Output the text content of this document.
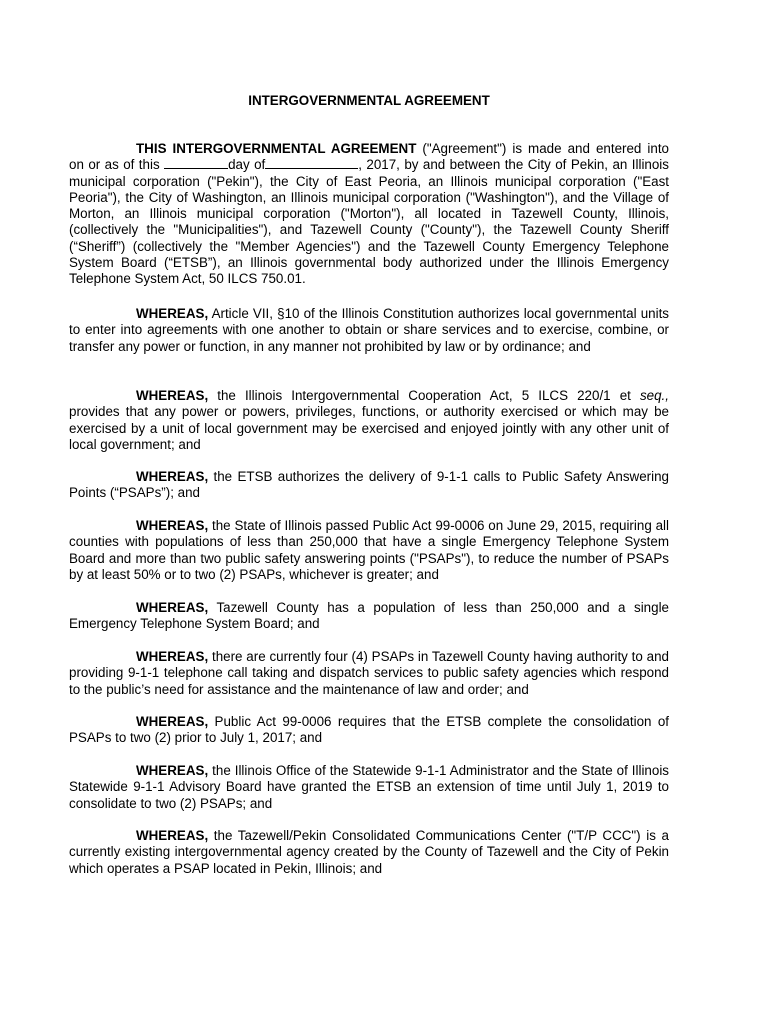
INTERGOVERNMENTAL AGREEMENT

THIS INTERGOVERNMENTAL AGREEMENT ("Agreement") is made and entered into on or as of this	day of	, 2017, by and between the City of Pekin, an Illinois municipal corporation ("Pekin"), the City of East Peoria, an Illinois municipal corporation ("East Peoria"), the City of Washington, an Illinois municipal corporation ("Washington"), and the Village of Morton, an Illinois municipal corporation ("Morton"), all located in Tazewell County, Illinois, (collectively the "Municipalities"), and Tazewell County ("County"), the Tazewell County Sheriff (“Sheriff”) (collectively the "Member Agencies") and the Tazewell County Emergency Telephone System Board (“ETSB”), an Illinois governmental body authorized under the Illinois Emergency Telephone System Act, 50 ILCS 750.01.

WHEREAS, Article VII, §10 of the Illinois Constitution authorizes local governmental units to enter into agreements with one another to obtain or share services and to exercise, combine, or transfer any power or function, in any manner not prohibited by law or by ordinance; and

WHEREAS, the Illinois Intergovernmental Cooperation Act, 5 ILCS 220/1 et seq., provides that any power or powers, privileges, functions, or authority exercised or which may be exercised by a unit of local government may be exercised and enjoyed jointly with any other unit of local government; and

WHEREAS, the ETSB authorizes the delivery of 9-1-1 calls to Public Safety Answering Points (“PSAPs”); and

WHEREAS, the State of Illinois passed Public Act 99-0006 on June 29, 2015, requiring all counties with populations of less than 250,000 that have a single Emergency Telephone System Board and more than two public safety answering points ("PSAPs"), to reduce the number of PSAPs by at least 50% or to two (2) PSAPs, whichever is greater; and

WHEREAS, Tazewell County has a population of less than 250,000 and a single Emergency Telephone System Board; and

WHEREAS, there are currently four (4) PSAPs in Tazewell County having authority to and providing 9-1-1 telephone call taking and dispatch services to public safety agencies which respond to the public’s need for assistance and the maintenance of law and order; and

WHEREAS, Public Act 99-0006 requires that the ETSB complete the consolidation of PSAPs to two (2) prior to July 1, 2017; and

WHEREAS, the Illinois Office of the Statewide 9-1-1 Administrator and the State of Illinois Statewide 9-1-1 Advisory Board have granted the ETSB an extension of time until July 1, 2019 to consolidate to two (2) PSAPs; and

WHEREAS, the Tazewell/Pekin Consolidated Communications Center ("T/P CCC") is a currently existing intergovernmental agency created by the County of Tazewell and the City of Pekin which operates a PSAP located in Pekin, Illinois; and
